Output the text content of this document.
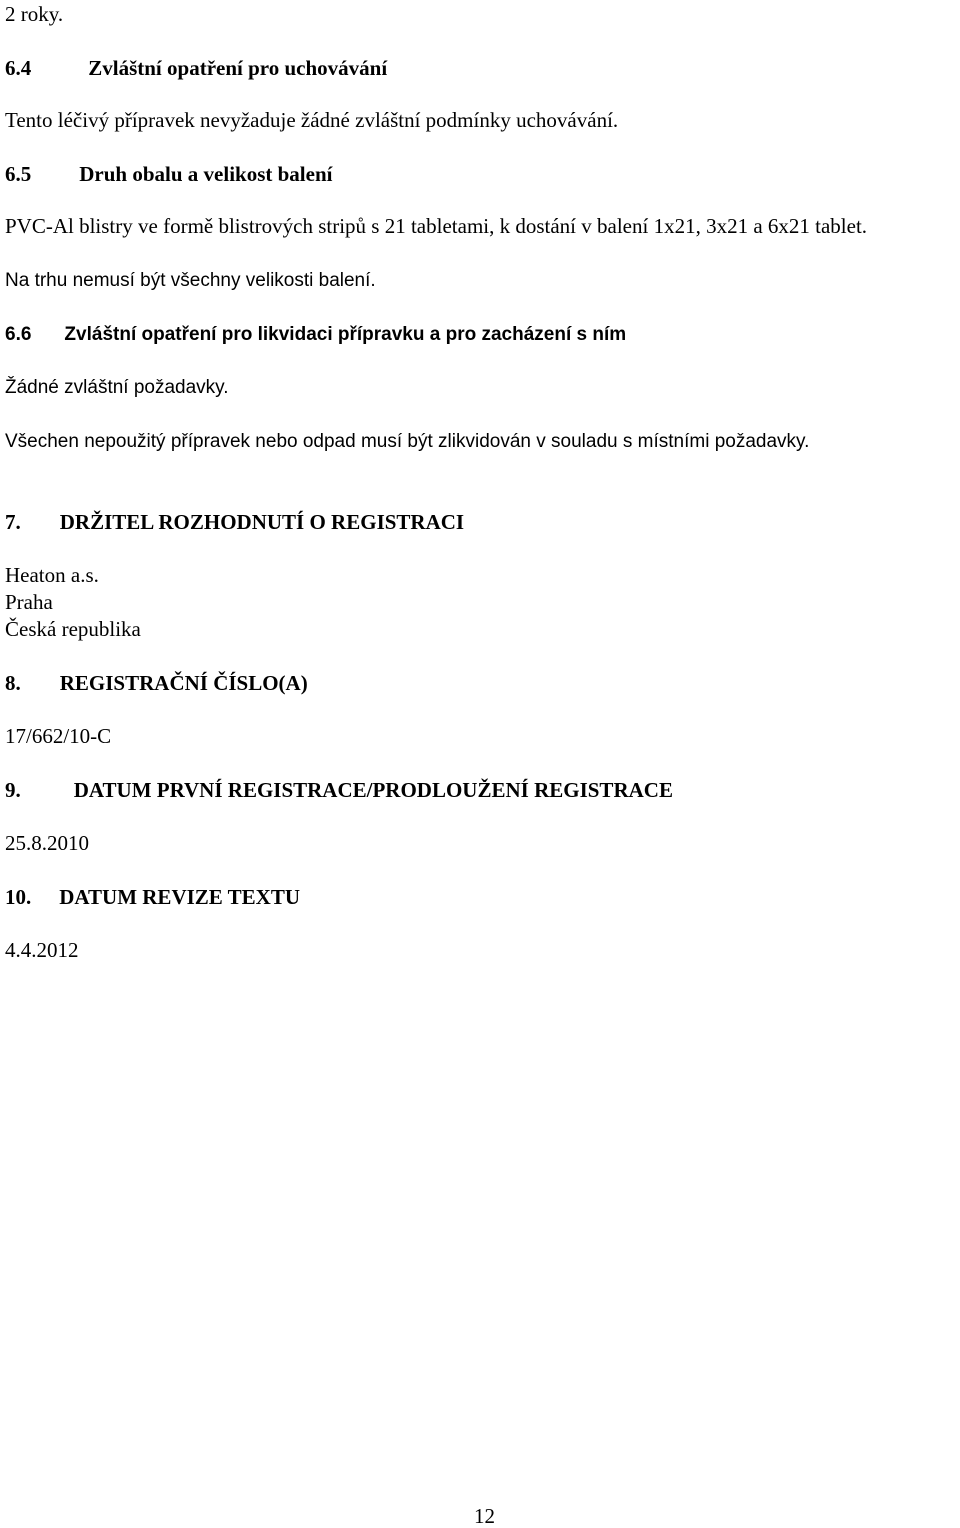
2 roky.
6.4	Zvláštní opatření pro uchovávání
Tento léčivý přípravek nevyžaduje žádné zvláštní podmínky uchovávání.
6.5 Druh obalu a velikost balení
PVC-Al blistry ve formě blistrových stripů s 21 tabletami, k dostání v balení 1x21, 3x21 a 6x21 tablet.
Na trhu nemusí být všechny velikosti balení.
6.6 Zvláštní opatření pro likvidaci přípravku a pro zacházení s ním
Žádné zvláštní požadavky.
Všechen nepoužitý přípravek nebo odpad musí být zlikvidován v souladu s místními požadavky.
7. DRŽITEL ROZHODNUTÍ O REGISTRACI
Heaton a.s.
Praha
Česká republika
8. REGISTRAČNÍ ČÍSLO(A)
17/662/10-C
9.	DATUM PRVNÍ REGISTRACE/PRODLOUŽENÍ REGISTRACE
25.8.2010
10. DATUM REVIZE TEXTU
4.4.2012
12
